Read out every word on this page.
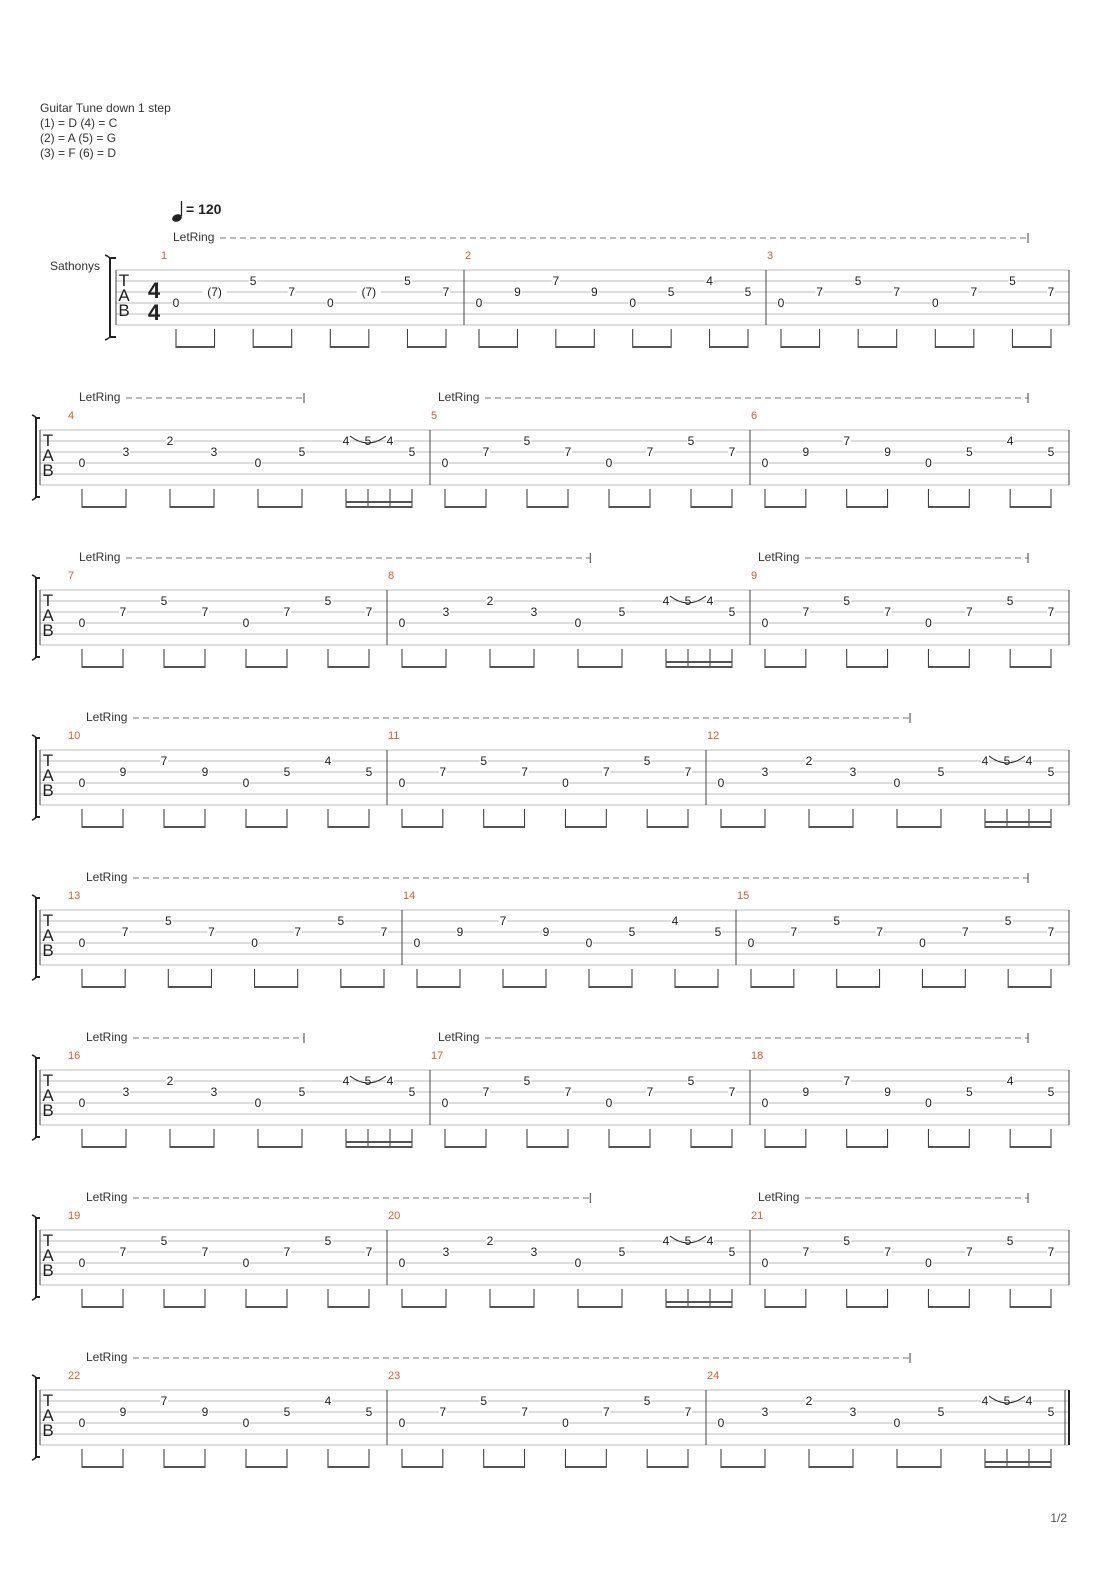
Guitar Tune down 1 step
(1) = D (4) = C
(2) = A (5) = G
(3) = F (6) = D
Sathonys
T
A
B
4
4
= 120
1
0
(7)
5
7
0
(7)
5
7
2
0
9
7
9
0
5
4
5
3
0
7
5
7
0
7
5
7
LetRing
T
A
B
4
0
3
2
3
0
5
4 5 4
5
5
0
7
5
7
0
7
5
7
6
0
9
7
9
0
5
4
5
LetRing	LetRing
T
A
B
7
0
7
5
7
0
7
5
7
8
0
3
2
3
0
5
4 5 4
5
9
0
7
5
7
0
7
5
7
LetRing	LetRing
T
A
B
10
0
9
7
9
0
5
4
5
11
0
7
5
7
0
7
5
7
12
0
3
2
3
0
5
4 5 4
5
LetRing
T
A
B
13
0
7
5
7
0
7
5
7
14
0
9
7
9
0
5
4
5
15
0
7
5
7
0
7
5
7
LetRing
T
A
B
16
0
3
2
3
0
5
4 5 4
5
17
0
7
5
7
0
7
5
7
18
0
9
7
9
0
5
4
5
LetRing	LetRing
T
A
B
19
0
7
5
7
0
7
5
7
20
0
3
2
3
0
5
4 5 4
5
21
0
7
5
7
0
7
5
7
LetRing	LetRing
T
A
B
22
0
9
7
9
0
5
4
5
23
0
7
5
7
0
7
5
7
24
0
3
2
3
0
5
4 5 4
5
LetRing
1/2
